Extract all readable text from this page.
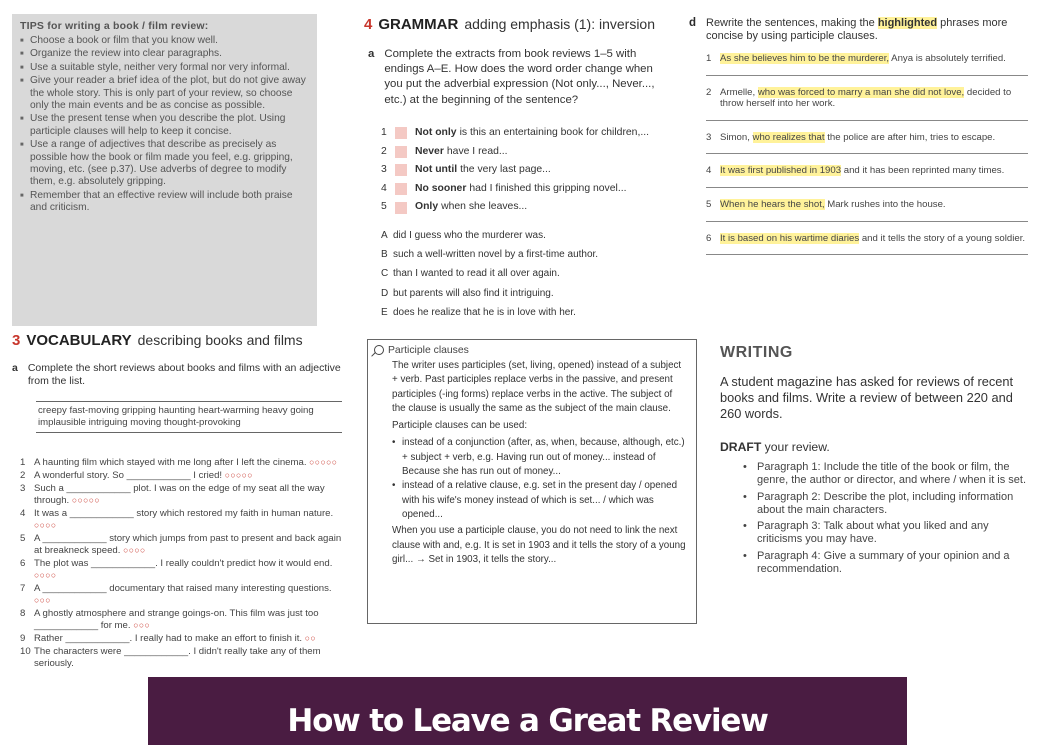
TIPS for writing a book / film review:
■ Choose a book or film that you know well.
■ Organize the review into clear paragraphs.
■ Use a suitable style, neither very formal nor very informal.
■ Give your reader a brief idea of the plot, but do not give away the whole story. This is only part of your review, so choose only the main events and be as concise as possible.
■ Use the present tense when you describe the plot. Using participle clauses will help to keep it concise.
■ Use a range of adjectives that describe as precisely as possible how the book or film made you feel, e.g. gripping, moving, etc. (see p.37). Use adverbs of degree to modify them, e.g. absolutely gripping.
■ Remember that an effective review will include both praise and criticism.
3 VOCABULARY describing books and films
a Complete the short reviews about books and films with an adjective from the list.
creepy fast-moving gripping haunting heart-warming heavy going implausible intriguing moving thought-provoking
1 A haunting film which stayed with me long after I left the cinema. ○○○○○
2 A wonderful story. So ____________ I cried! ○○○○○
3 Such a ____________ plot. I was on the edge of my seat all the way through. ○○○○○
4 It was a ____________ story which restored my faith in human nature. ○○○○
5 A ____________ story which jumps from past to present and back again at breakneck speed. ○○○○
6 The plot was ____________. I really couldn't predict how it would end. ○○○○
7 A ____________ documentary that raised many interesting questions. ○○○
8 A ghostly atmosphere and strange goings-on. This film was just too ____________ for me. ○○○
9 Rather ____________. I really had to make an effort to finish it. ○○
10 The characters were ____________. I didn't really take any of them seriously.
4 GRAMMAR adding emphasis (1): inversion
a Complete the extracts from book reviews 1–5 with endings A–E. How does the word order change when you put the adverbial expression (Not only..., Never..., etc.) at the beginning of the sentence?
1	Not only is this an entertaining book for children,...
2	Never have I read...
3	Not until the very last page...
4	No sooner had I finished this gripping novel...
5	Only when she leaves...
A did I guess who the murderer was.
B such a well-written novel by a first-time author.
C than I wanted to read it all over again.
D but parents will also find it intriguing.
E does he realize that he is in love with her.
Participle clauses

The writer uses participles (set, living, opened) instead of a subject + verb. Past participles replace verbs in the passive, and present participles (-ing forms) replace verbs in the active. The subject of the clause is usually the same as the subject of the main clause.

Participle clauses can be used:

• instead of a conjunction (after, as, when, because, although, etc.) + subject + verb, e.g. Having run out of money... instead of Because she has run out of money...
• instead of a relative clause, e.g. set in the present day / opened with his wife's money instead of which is set... / which was opened...

When you use a participle clause, you do not need to link the next clause with and, e.g. It is set in 1903 and it tells the story of a young girl... → Set in 1903, it tells the story...

d Rewrite the sentences, making the highlighted phrases more concise by using participle clauses.
1 As she believes him to be the murderer, Anya is absolutely terrified.
2 Armelle, who was forced to marry a man she did not love, decided to throw herself into her work.
3 Simon, who realizes that the police are after him, tries to escape.
4 It was first published in 1903 and it has been reprinted many times.
5 When he hears the shot, Mark rushes into the house.
6 It is based on his wartime diaries and it tells the story of a young soldier.
WRITING
A student magazine has asked for reviews of recent books and films. Write a review of between 220 and 260 words.
DRAFT your review.
• Paragraph 1: Include the title of the book or film, the genre, the author or director, and where / when it is set.
• Paragraph 2: Describe the plot, including information about the main characters.
• Paragraph 3: Talk about what you liked and any criticisms you may have.
• Paragraph 4: Give a summary of your opinion and a recommendation.
How to Leave a Great Review
